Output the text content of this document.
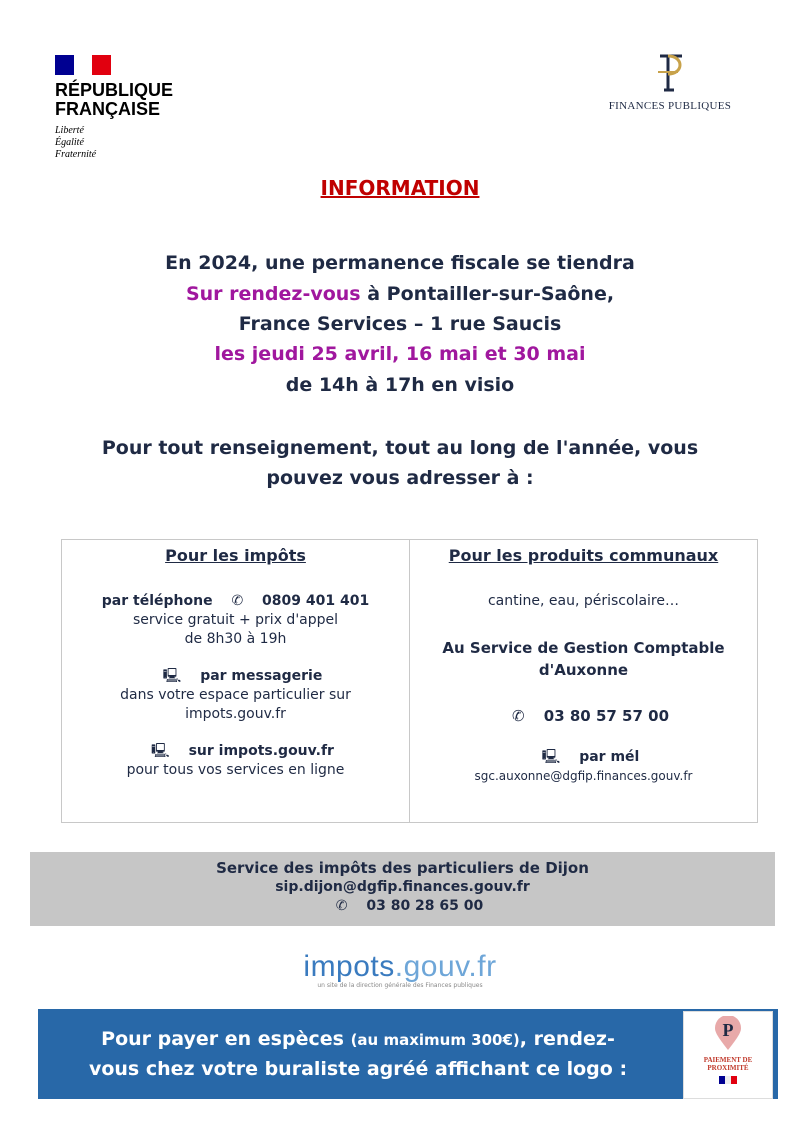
RÉPUBLIQUE
FRANÇAISE
Liberté
Égalité
Fraternité
FINANCES PUBLIQUES
INFORMATION
En 2024, une permanence fiscale se tiendra
Sur rendez-vous à Pontailler-sur-Saône,
France Services – 1 rue Saucis
les jeudi 25 avril, 16 mai et 30 mai
de 14h à 17h en visio
Pour tout renseignement, tout au long de l'année, vous
pouvez vous adresser à :
Pour les impôts
par téléphone ✆ 0809 401 401
service gratuit + prix d'appel
de 8h30 à 19h
🖳 par messagerie
dans votre espace particulier sur
impots.gouv.fr
🖳 sur impots.gouv.fr
pour tous vos services en ligne
Pour les produits communaux
cantine, eau, périscolaire…
Au Service de Gestion Comptable
d'Auxonne
✆ 03 80 57 57 00
🖳 par mél
sgc.auxonne@dgfip.finances.gouv.fr
Service des impôts des particuliers de Dijon
sip.dijon@dgfip.finances.gouv.fr
✆ 03 80 28 65 00
impots.gouv.fr
un site de la direction générale des Finances publiques
Pour payer en espèces (au maximum 300€), rendez-
vous chez votre buraliste agréé affichant ce logo :
P
PAIEMENT DE PROXIMITÉ
